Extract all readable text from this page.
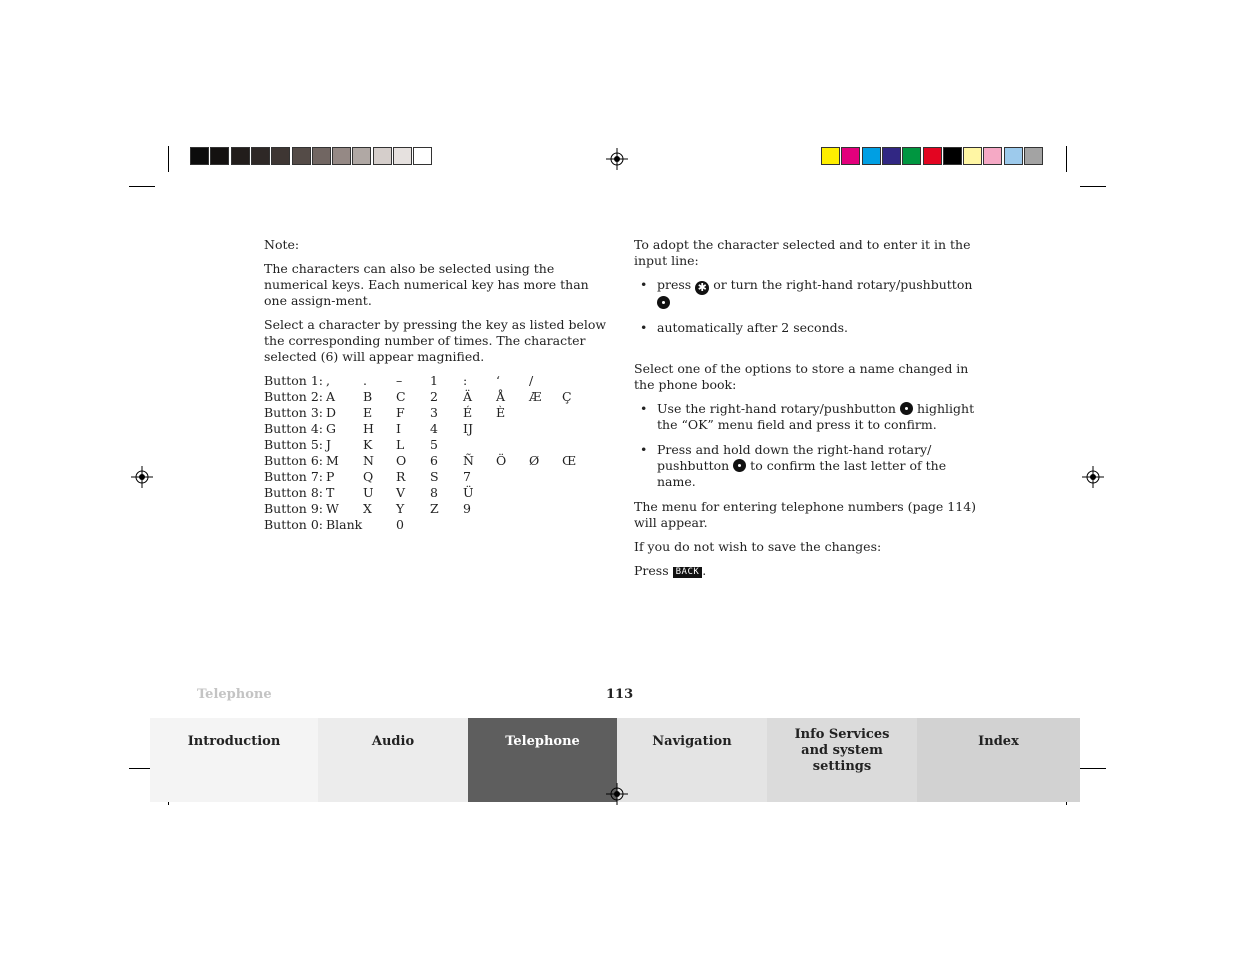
Note:

The characters can also be selected using the numerical keys. Each numerical key has more than one assign-ment.

Select a character by pressing the key as listed below the corresponding number of times. The character selected (6) will appear magnified.

Button 1:	,	.	–	1	:	‘	/	
Button 2:	A	B	C	2	Ä	Å	Æ	Ç
Button 3:	D	E	F	3	É	È		
Button 4:	G	H	I	4	IJ			
Button 5:	J	K	L	5				
Button 6:	M	N	O	6	Ñ	Ö	Ø	Œ
Button 7:	P	Q	R	S	7			
Button 8:	T	U	V	8	Ü			
Button 9:	W	X	Y	Z	9			
Button 0:	Blank		0					

To adopt the character selected and to enter it in the input line:

• press ✱ or turn the right-hand rotary/pushbutton
• automatically after 2 seconds.

Select one of the options to store a name changed in the phone book:

• Use the right-hand rotary/pushbutton highlight the “OK” menu field and press it to confirm.
• Press and hold down the right-hand rotary/ pushbutton to confirm the last letter of the name.

The menu for entering telephone numbers (page 114) will appear.

If you do not wish to save the changes:

Press BACK .

Telephone	113
Introduction	Audio	Telephone	Navigation	Info Services and system settings
Index
